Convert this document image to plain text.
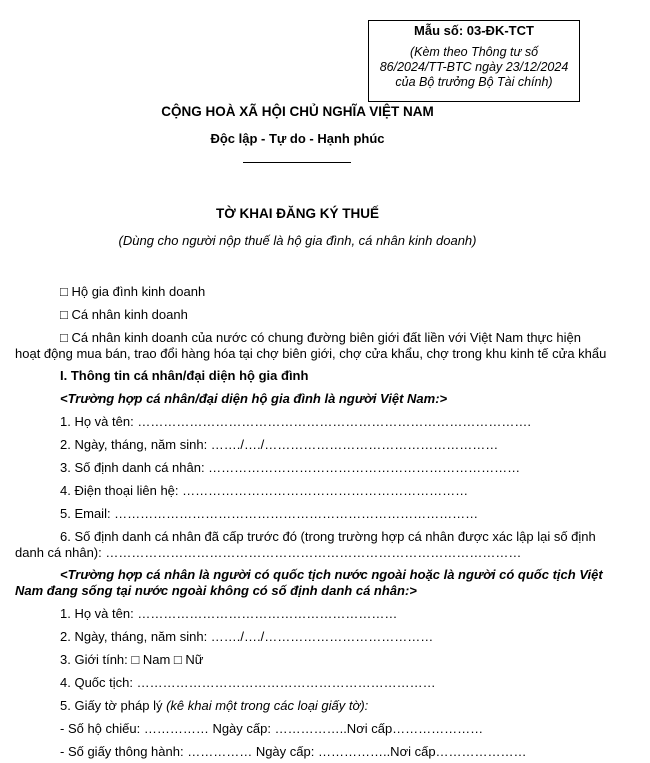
Mẫu số: 03-ĐK-TCT
(Kèm theo Thông tư số
86/2024/TT-BTC ngày 23/12/2024
của Bộ trưởng Bộ Tài chính)
CỘNG HOÀ XÃ HỘI CHỦ NGHĨA VIỆT NAM
Độc lập - Tự do - Hạnh phúc
TỜ KHAI ĐĂNG KÝ THUẾ
(Dùng cho người nộp thuế là hộ gia đình, cá nhân kinh doanh)
□ Hộ gia đình kinh doanh
□ Cá nhân kinh doanh
□ Cá nhân kinh doanh của nước có chung đường biên giới đất liền với Việt Nam thực hiện
hoạt động mua bán, trao đổi hàng hóa tại chợ biên giới, chợ cửa khẩu, chợ trong khu kinh tế cửa khẩu
I. Thông tin cá nhân/đại diện hộ gia đình
<Trường hợp cá nhân/đại diện hộ gia đình là người Việt Nam:>
1. Họ và tên: ……………………………………………………………………………….
2. Ngày, tháng, năm sinh: ……./…./………………………………………………
3. Số định danh cá nhân: ………………………………………………………………
4. Điện thoại liên hệ: …………………………………………………………
5. Email: …………………………………………………………………………
6. Số định danh cá nhân đã cấp trước đó (trong trường hợp cá nhân được xác lập lại số định
danh cá nhân): ……………………………………………………………………………………
<Trường hợp cá nhân là người có quốc tịch nước ngoài hoặc là người có quốc tịch Việt
Nam đang sống tại nước ngoài không có số định danh cá nhân:>
1. Họ và tên: ……………………………………………………
2. Ngày, tháng, năm sinh: ……./…./…………………………………
3. Giới tính: □ Nam □ Nữ
4. Quốc tịch: ……………………………………………………………
5. Giấy tờ pháp lý (kê khai một trong các loại giấy tờ):
- Số hộ chiếu: …………… Ngày cấp: ……………..Nơi cấp…………………
- Số giấy thông hành: …………… Ngày cấp: ……………..Nơi cấp…………………
